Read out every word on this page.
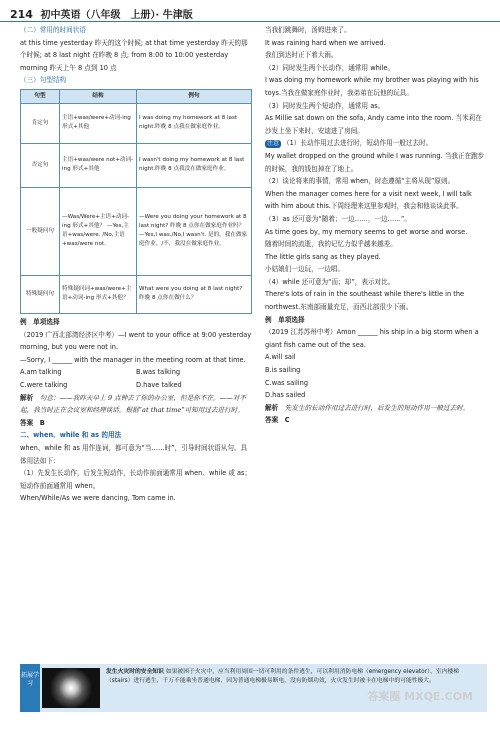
214 初中英语（八年级　上册）· 牛津版

（二）常用的时间状语

at this time yesterday 昨天的这个时候; at that time yesterday 昨天的那个时候; at 8 last night 在昨晚 8 点; from 8:00 to 10:00 yesterday morning 昨天上午 8 点到 10 点

（三）句型结构

句型	结构	例句
肯定句	主语+was/were+动词-ing 形式+其他	I was doing my homework at 8 last night.昨晚 8 点我在做家庭作业。
否定句	主语+was/were not+动词-ing 形式+其他	I wasn't doing my homework at 8 last night.昨晚 8 点我没在做家庭作业。
一般疑问句	—Was/Were+主语+动词-ing 形式+其他？ —Yes,主语+was/were. /No,主语+was/were not.	—Were you doing your homework at 8 last night? 昨晚 8 点你在做家庭作业吗？ —Yes,I was./No,I wasn't. 是的，我在做家庭作业。/不，我没在做家庭作业。
特殊疑问句	特殊疑问词+was/were+主语+动词-ing 形式+其他？	What were you doing at 8 last night? 昨晚 8 点你在做什么？

例　单项选择

（2019 广西北部湾经济区中考）—I went to your office at 9:00 yesterday morning, but you were not in.

—Sorry, I ______ with the manager in the meeting room at that time.

A.am talking	B.was talking
C.were talking	D.have talked

解析　 句意：——我昨天早上 9 点钟去了你的办公室，但是你不在。——对不起，我当时正在会议室和经理谈话。根据“at that time”可知用过去进行时。

答案　 B

二、when、while 和 as 的用法

when、while 和 as 用作连词，都可意为“当……时”，引导时间状语从句。具体用法如下：

（1）先发生长动作，后发生短动作，长动作前面通常用 when、while 或 as；短动作前面通常用 when。

When/While/As we were dancing, Tom came in.

当我们跳舞时，汤姆进来了。

It was raining hard when we arrived.

我们到达时正下着大雨。

（2）同时发生两个长动作，通常用 while。

I was doing my homework while my brother was playing with his toys.当我在做家庭作业时，我弟弟在玩他的玩具。

（3）同时发生两个短动作，通常用 as。

As Millie sat down on the sofa, Andy came into the room. 当米莉在沙发上坐下来时，安迪进了房间。

注意 （1）长动作用过去进行时，短动作用一般过去时。

My wallet dropped on the ground while I was running. 当我正在跑步的时候，我的钱包掉在了地上。

（2）谈论将来的事情，常用 when，时态遵循“主将从现”原则。

When the manager comes here for a visit next week, I will talk with him about this.下周经理来这里参观时，我会和他谈谈此事。

（3）as 还可意为“随着；一边……，一边……”。

As time goes by, my memory seems to get worse and worse.

随着时间的流逝，我的记忆力似乎越来越差。

The little girls sang as they played.

小姑娘们一边玩，一边唱。

（4）while 还可意为“而；却”，表示对比。

There's lots of rain in the southeast while there's little in the northwest.东南部雨量充足，而西北部很少下雨。

例　单项选择

（2019 江苏苏州中考）Amon ______ his ship in a big storm when a giant fish came out of the sea.

A.will sail

B.is sailing

C.was sailing

D.has sailed

解析　 先发生的长动作用过去进行时，后发生的短动作用一般过去时。

答案　 C

拓展学习
发生火灾时的安全知识 如果被困于火灾中，应当利用周围一切可利用的条件逃生，可以利用消防电梯（emergency elevator）、室内楼梯（stairs）进行逃生，千万不能乘坐普通电梯，因为普通电梯极易断电，没有防烟功效，火灾发生时被卡在电梯中的可能性极大。
答案圈 MXQE.COM
